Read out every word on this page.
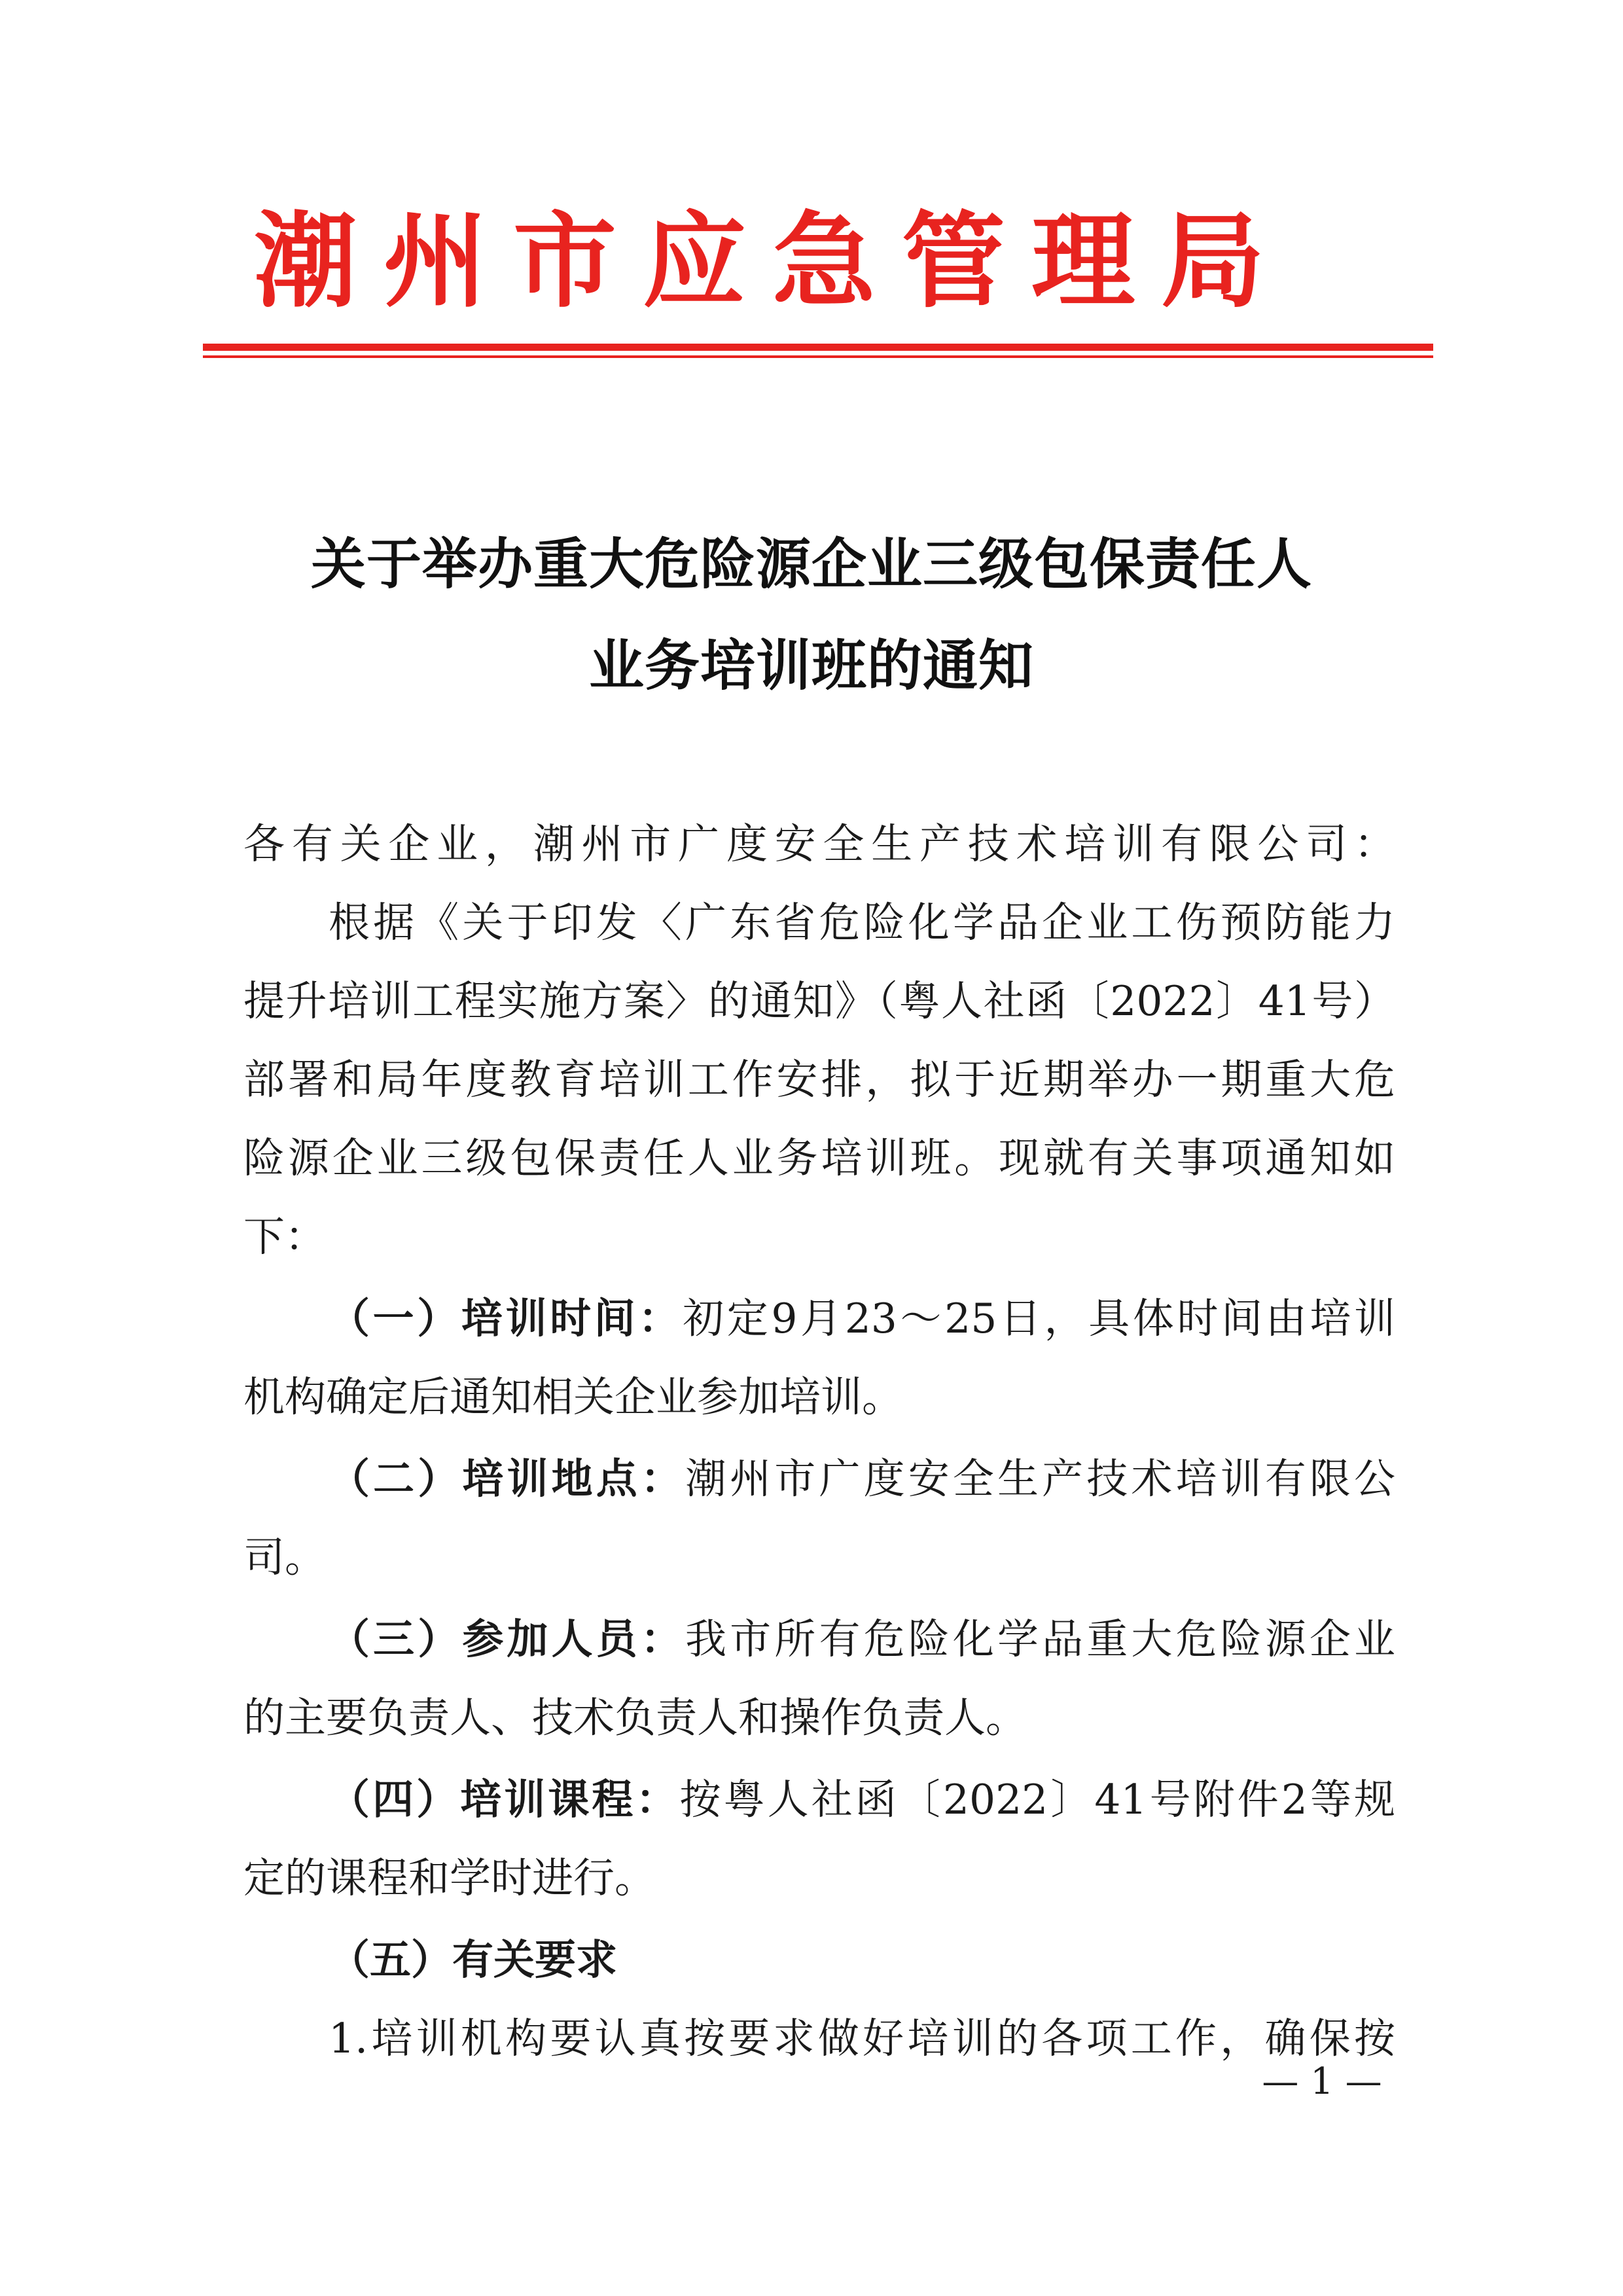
潮州市应急管理局
关于举办重大危险源企业三级包保责任人
业务培训班的通知
各有关企业，潮州市广度安全生产技术培训有限公司：
根据《关于印发〈广东省危险化学品企业工伤预防能力
提升培训工程实施方案〉的通知》（粤人社函〔2022〕41号）
部署和局年度教育培训工作安排，拟于近期举办一期重大危
险源企业三级包保责任人业务培训班。现就有关事项通知如
下：
（一）培训时间：初定9月23～25日，具体时间由培训
机构确定后通知相关企业参加培训。
（二）培训地点：潮州市广度安全生产技术培训有限公
司。
（三）参加人员：我市所有危险化学品重大危险源企业
的主要负责人、技术负责人和操作负责人。
（四）培训课程：按粤人社函〔2022〕41号附件2等规
定的课程和学时进行。
（五）有关要求
1.培训机构要认真按要求做好培训的各项工作，确保按
— 1 —
